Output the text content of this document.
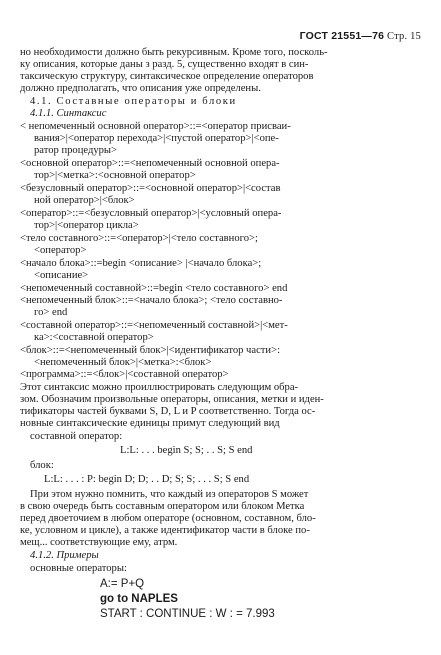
ГОСТ 21551—76 Стр. 15
но необходимости должно быть рекурсивным. Кроме того, посколь-
ку описания, которые даны з разд. 5, существенно входят в син-
таксическую структуру, синтаксическое определение операторов
должно предполагать, что описания уже определены.
4.1. Составные операторы и блоки
4.1.1. Синтаксис
< непомеченный основной оператор>::=<оператор присваи-
вания>|<оператор перехода>|<пустой оператор>|<опе-
ратор процедуры>
<основной оператор>::=<непомеченный основной опера-
тор>|<метка>:<основной оператор>
<безусловный оператор>::=<основной оператор>|<состав
ной оператор>|<блок>
<оператор>::=<безусловный оператор>|<условный опера-
тор>|<оператор цикла>
<тело составного>::=<оператор>|<тело составного>;
<оператор>
<начало блока>::=begin <описание> |<начало блока>;
<описание>
<непомеченный составной>::=begin <тело составного> end
<непомеченный блок>::=<начало блока>; <тело составно-
го> end
<составной оператор>::=<непомеченный составной>|<мет-
ка>:<составной оператор>
<блок>::=<непомеченный блок>|<идентификатор части>:
<непомеченный блок>|<метка>:<блок>
<программа>::=<блок>|<составной оператор>
Этот синтаксис можно проиллюстрировать следующим обра-
зом. Обозначим произвольные операторы, описания, метки и иден-
тификаторы частей буквами S, D, L и P соответственно. Тогда ос-
новные синтаксические единицы примут следующий вид
составной оператор:
L:L: . . . begin S; S; . . S; S end
блок:
L:L: . . . : P: begin D; D; . . D; S; S; . . . S; S end
При этом нужно помнить, что каждый из операторов S может
в свою очередь быть составным оператором или блоком Метка
перед двоеточием в любом операторе (основном, составном, бло-
ке, условном и цикле), а также идентификатор части в блоке по-
мещ... соответствующие ему, атрм.
4.1.2. Примеры
основные операторы:
A:= P+Q
go to NAPLES
START : CONTINUE : W : = 7.993
